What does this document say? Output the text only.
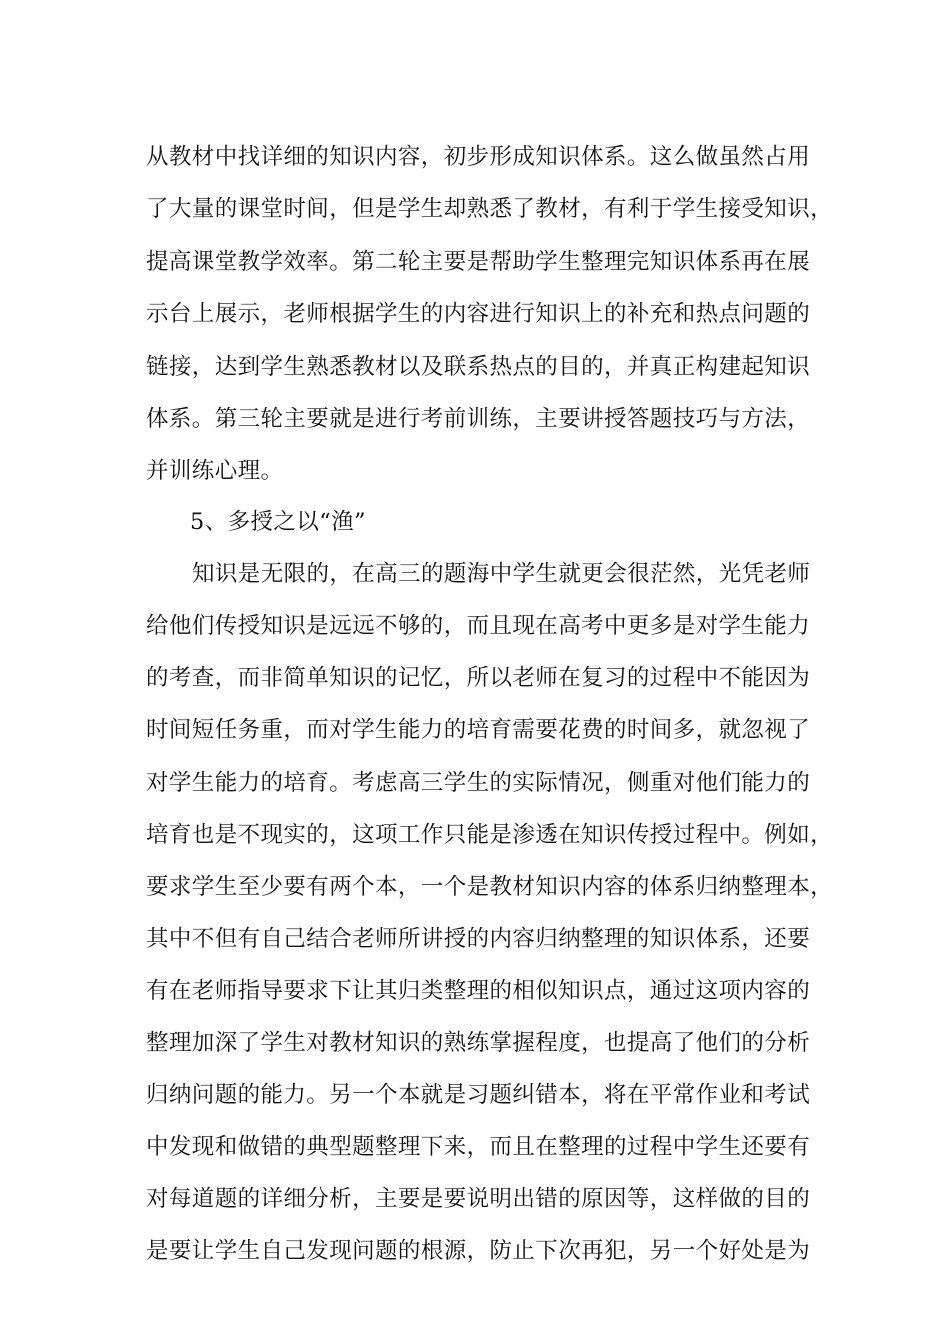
从教材中找详细的知识内容，初步形成知识体系。这么做虽然占用
了大量的课堂时间，但是学生却熟悉了教材，有利于学生接受知识，
提高课堂教学效率。第二轮主要是帮助学生整理完知识体系再在展
示台上展示，老师根据学生的内容进行知识上的补充和热点问题的
链接，达到学生熟悉教材以及联系热点的目的，并真正构建起知识
体系。第三轮主要就是进行考前训练，主要讲授答题技巧与方法，
并训练心理。
5、多授之以“渔”
知识是无限的，在高三的题海中学生就更会很茫然，光凭老师
给他们传授知识是远远不够的，而且现在高考中更多是对学生能力
的考查，而非简单知识的记忆，所以老师在复习的过程中不能因为
时间短任务重，而对学生能力的培育需要花费的时间多，就忽视了
对学生能力的培育。考虑高三学生的实际情况，侧重对他们能力的
培育也是不现实的，这项工作只能是渗透在知识传授过程中。例如，
要求学生至少要有两个本，一个是教材知识内容的体系归纳整理本，
其中不但有自己结合老师所讲授的内容归纳整理的知识体系，还要
有在老师指导要求下让其归类整理的相似知识点，通过这项内容的
整理加深了学生对教材知识的熟练掌握程度，也提高了他们的分析
归纳问题的能力。另一个本就是习题纠错本，将在平常作业和考试
中发现和做错的典型题整理下来，而且在整理的过程中学生还要有
对每道题的详细分析，主要是要说明出错的原因等，这样做的目的
是要让学生自己发现问题的根源，防止下次再犯，另一个好处是为
